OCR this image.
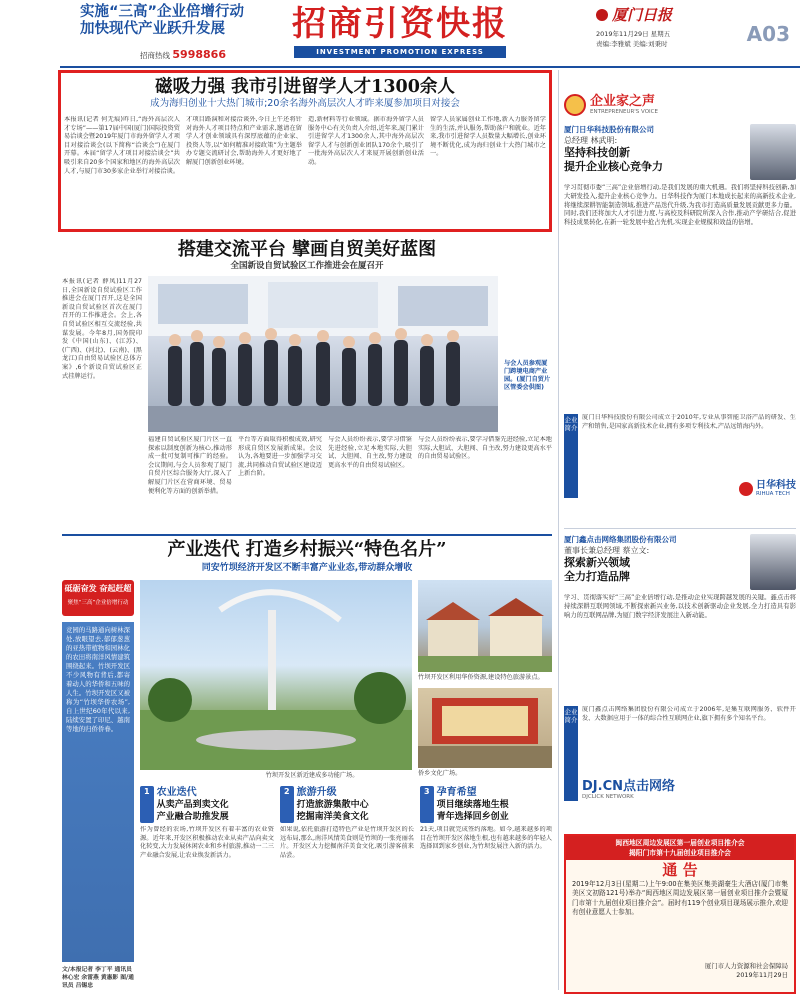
实施“三高”企业倍增行动
加快现代产业跃升发展
招商热线 5998866
招商引资快报
INVESTMENT PROMOTION EXPRESS
厦门日报
2019年11月29日 星期五
责编:李雅斌 美编:刘秉时	A03
磁吸力强 我市引进留学人才1300余人
成为海归创业十大热门城市;20余名海外高层次人才昨来厦参加项目对接会
本报讯(记者 何无痕)昨日,“海外高层次人才专场”——第17届中国(厦门)国际投资贸易洽谈会暨2019年厦门市海外留学人才项目对接洽谈会(以下简称“洽谈会”)在厦门开幕。本届“留学人才项目对接洽谈会”共吸引来自20多个国家和地区的海外高层次人才,与厦门市30多家企业举行对接洽谈。
才项目路演和对接洽谈外,今日上午还将针对海外人才项目特点和产业需求,邀请在留学人才创业领域具有深厚底蕴的企业家、投资人等,以“如何精准对接政策”为主题举办专题交流研讨会,帮助海外人才更好地了解厦门创新创业环境。
造,新材料等行业领域。据市海外留学人员服务中心有关负责人介绍,近年来,厦门累计引进留学人才1300余人,其中海外高层次留学人才与创新创业团队170余个,吸引了一批海外高层次人才来厦开展创新创业活动。
留学人员家属创业工作地,新入力服务留学生的生活,并认服务,帮助落户和就业。近年来,我市引进留学人员数量大幅增长,创业环境不断优化,成为海归创业十大热门城市之一。
搭建交流平台 擘画自贸美好蓝图
全国新设自贸试验区工作推进会在厦召开
本报讯(记者 薛凤)11月27日,全国新设自贸试验区工作推进会在厦门召开,这是全国新设自贸试验区首次在厦门召开的工作推进会。会上,各自贸试验区相互交流经验,共谋发展。今年8月,国务院印发《中国(山东)、(江苏)、(广西)、(河北)、(云南)、(黑龙江)自由贸易试验区总体方案》,6个新设自贸试验区正式挂牌运行。
与会人员参观厦门跨境电商产业园。(厦门自贸片区管委会供图)
福建自贸试验区厦门片区一直探索以制度创新为核心,推动形成一批可复制可推广的经验。会议期间,与会人员参观了厦门自贸片区综合服务大厅,深入了解厦门片区在营商环境、贸易便利化等方面的创新举措。
平台等方面取得积极成效,研究形成自贸区发展新成果。会议认为,各地要进一步加强学习交流,共同推动自贸试验区建设迈上新台阶。
与会人员纷纷表示,要学习借鉴先进经验,立足本地实际,大胆试、大胆闯、自主改,努力建设更高水平的自由贸易试验区。
与会人员纷纷表示,要学习借鉴先进经验,立足本地实际,大胆试、大胆闯、自主改,努力建设更高水平的自由贸易试验区。
产业迭代 打造乡村振兴“特色名片”
同安竹坝经济开发区不断丰富产业业态,带动群众增收
砥砺奋发 奋起赶超
聚焦“三高”企业倍增行动
竞园的马路通向树林深处,放眼望去,郁郁葱葱的亚热带植物和园林化的农田将南洋风情建筑围绕起来。竹坝开发区不少风物有背后,都寄着动人的华侨和五味的人生。竹坝开发区又被称为“竹坝华侨农场”,自上世纪60年代以来,陆续安置了印尼、越南等地的归侨侨眷。
竹坝开发区新近建成多功能广场。
竹坝开发区利用华侨资源,建设特色旅游景点。
侨乡文化广场。
1 农业迭代
从卖产品到卖文化
产业融合助推发展
作为曾经的农场,竹坝开发区有着丰富的农业资源。近年来,开发区积极推动农业从卖产品向卖文化转变,大力发展休闲农业和乡村旅游,推动一二三产业融合发展,让农业焕发新活力。
2 旅游升级
打造旅游集散中心
挖掘南洋美食文化
如果说,依托旅游打造特色产业是竹坝开发区的长远布局,那么,南洋风情美食则是竹坝的一张亮丽名片。开发区大力挖掘南洋美食文化,吸引游客前来品尝。
3 孕育希望
项目继续落地生根
青年选择回乡创业
21天,项目就完成签约落地。如今,越来越多的项目在竹坝开发区落地生根,也有越来越多的年轻人选择回到家乡创业,为竹坝发展注入新的活力。
文/本报记者 李丁平 通讯员 林心宏 余雷燕 黄惠影 图/通讯员 吕锡忠
企业家之声
ENTREPRENEUR'S VOICE
厦门日华科技股份有限公司
总经理 林武明:
坚持科技创新
提升企业核心竞争力
学习贯彻市委“三高”企业倍增行动,是我们发展的重大机遇。我们将坚持科技创新,加大研发投入,提升企业核心竞争力。日华科技作为厦门本地成长起来的高新技术企业,将继续深耕智能制造领域,推进产品迭代升级,为我市打造高质量发展贡献更多力量。同时,我们还将加大人才引进力度,与高校及科研院所深入合作,推动产学研结合,促进科技成果转化,在新一轮发展中抢占先机,实现企业规模和效益的倍增。
企业简介
厦门日华科技股份有限公司成立于2010年,专业从事智能卫浴产品的研发、生产和销售,是国家高新技术企业,拥有多项专利技术,产品远销海内外。
日华科技
RIHUA TECH
厦门鑫点击网络集团股份有限公司
董事长兼总经理 蔡立文:
探索新兴领域
全力打造品牌
学习、贯彻落实好“三高”企业倍增行动,是推动企业实现跨越发展的关键。鑫点击将持续深耕互联网领域,不断探索新兴业务,以技术创新驱动企业发展,全力打造具有影响力的互联网品牌,为厦门数字经济发展注入新动能。
企业简介
厦门鑫点击网络集团股份有限公司成立于2006年,是集互联网服务、软件开发、大数据应用于一体的综合性互联网企业,旗下拥有多个知名平台。
DJ.CN点击网络
DJCLICK NETWORK
闽西地区周边发展区第一届创业项目推介会
揭阳门市第十九届创业项目推介会
通 告
2019年12月3日(星期二)上午9:00在集美区集美湖豪生大酒店(厦门市集美区文初路121号)举办“闽西地区周边发展区第一届创业项目推介会暨厦门市第十九届创业项目推介会”。届时有119个创业项目现场展示推介,欢迎有创业意愿人士参加。
厦门市人力资源和社会保障局
2019年11月29日
